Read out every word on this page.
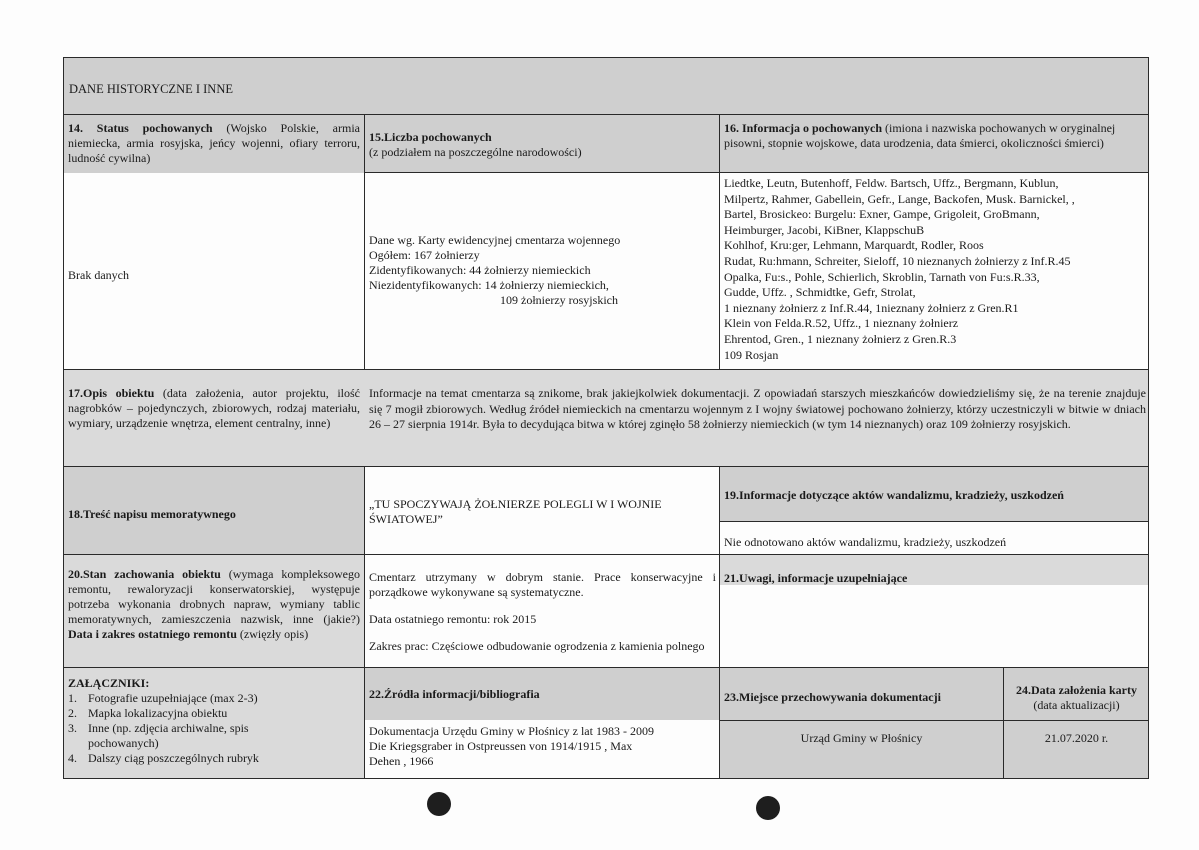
DANE HISTORYCZNE I INNE
14. Status pochowanych (Wojsko Polskie, armia niemiecka, armia rosyjska, jeńcy wojenni, ofiary terroru, ludność cywilna)
Brak danych
15.Liczba pochowanych
(z podziałem na poszczególne narodowości)
Dane wg. Karty ewidencyjnej cmentarza wojennego
Ogółem: 167 żołnierzy
Zidentyfikowanych: 44 żołnierzy niemieckich
Niezidentyfikowanych: 14 żołnierzy niemieckich,
109 żołnierzy rosyjskich
16. Informacja o pochowanych (imiona i nazwiska pochowanych w oryginalnej pisowni, stopnie wojskowe, data urodzenia, data śmierci, okoliczności śmierci)
Liedtke, Leutn, Butenhoff, Feldw. Bartsch, Uffz., Bergmann, Kublun,
Milpertz, Rahmer, Gabellein, Gefr., Lange, Backofen, Musk. Barnickel, ,
Bartel, Brosickeo: Burgelu: Exner, Gampe, Grigoleit, GroBmann,
Heimburger, Jacobi, KiBner, KlappschuB
Kohlhof, Kru:ger, Lehmann, Marquardt, Rodler, Roos
Rudat, Ru:hmann, Schreiter, Sieloff, 10 nieznanych żołnierzy z Inf.R.45
Opalka, Fu:s., Pohle, Schierlich, Skroblin, Tarnath von Fu:s.R.33,
Gudde, Uffz. , Schmidtke, Gefr, Strolat,
1 nieznany żołnierz z Inf.R.44, 1nieznany żołnierz z Gren.R1
Klein von Felda.R.52, Uffz., 1 nieznany żołnierz
Ehrentod, Gren., 1 nieznany żołnierz z Gren.R.3
109 Rosjan
17.Opis obiektu (data założenia, autor projektu, ilość nagrobków – pojedynczych, zbiorowych, rodzaj materiału, wymiary, urządzenie wnętrza, element centralny, inne)
Informacje na temat cmentarza są znikome, brak jakiejkolwiek dokumentacji. Z opowiadań starszych mieszkańców dowiedzieliśmy się, że na terenie znajduje się 7 mogił zbiorowych. Według źródeł niemieckich na cmentarzu wojennym z I wojny światowej pochowano żołnierzy, którzy uczestniczyli w bitwie w dniach 26 – 27 sierpnia 1914r. Była to decydująca bitwa w której zginęło 58 żołnierzy niemieckich (w tym 14 nieznanych) oraz 109 żołnierzy rosyjskich.
18.Treść napisu memoratywnego
„TU SPOCZYWAJĄ ŻOŁNIERZE POLEGLI W I WOJNIE ŚWIATOWEJ”
19.Informacje dotyczące aktów wandalizmu, kradzieży, uszkodzeń
Nie odnotowano aktów wandalizmu, kradzieży, uszkodzeń
20.Stan zachowania obiektu (wymaga kompleksowego remontu, rewaloryzacji konserwatorskiej, występuje potrzeba wykonania drobnych napraw, wymiany tablic memoratywnych, zamieszczenia nazwisk, inne (jakie?) Data i zakres ostatniego remontu (zwięzły opis)
Cmentarz utrzymany w dobrym stanie. Prace konserwacyjne i porządkowe wykonywane są systematyczne.
Data ostatniego remontu: rok 2015
Zakres prac: Częściowe odbudowanie ogrodzenia z kamienia polnego
21.Uwagi, informacje uzupełniające
ZAŁĄCZNIKI:
1. Fotografie uzupełniające (max 2-3)
2. Mapka lokalizacyjna obiektu
3. Inne (np. zdjęcia archiwalne, spis pochowanych)
4. Dalszy ciąg poszczególnych rubryk
22.Źródła informacji/bibliografia
Dokumentacja Urzędu Gminy w Płośnicy z lat 1983 - 2009
Die Kriegsgraber in Ostpreussen von 1914/1915 , Max
Dehen , 1966
23.Miejsce przechowywania dokumentacji
Urząd Gminy w Płośnicy
24.Data założenia karty (data aktualizacji)
21.07.2020 r.
